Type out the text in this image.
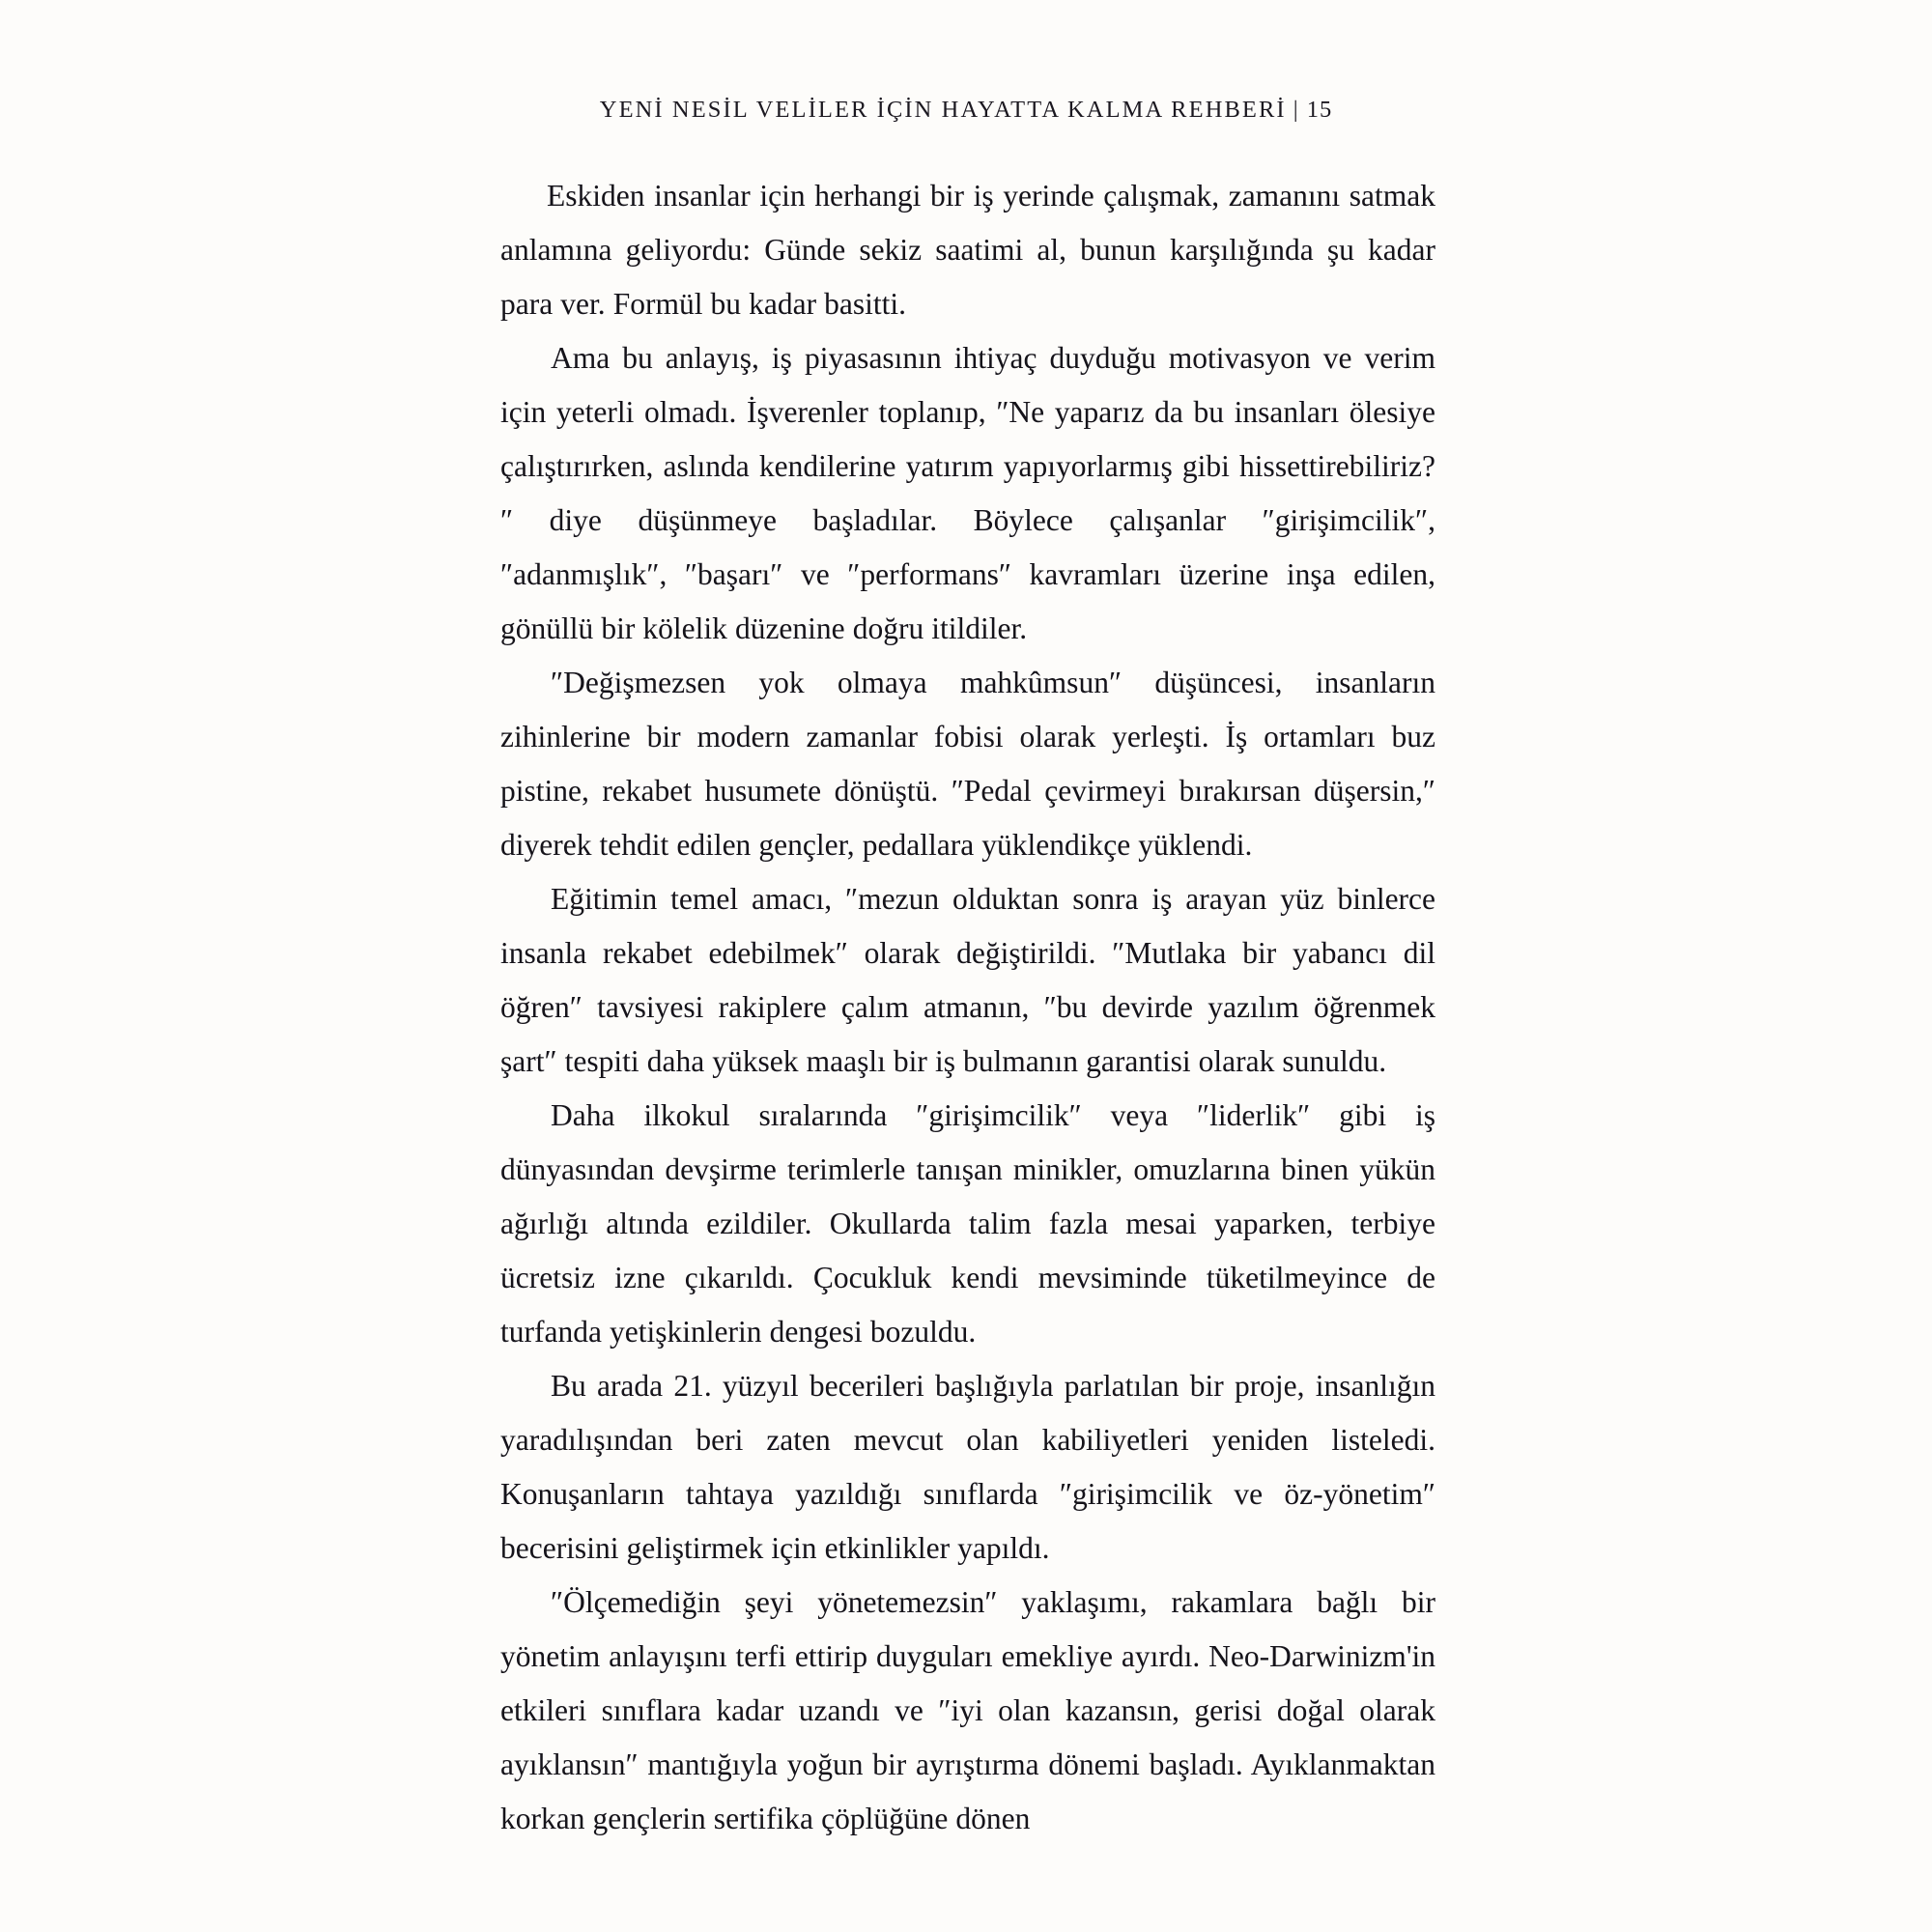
YENİ NESİL VELİLER İÇİN HAYATTA KALMA REHBERİ | 15

Eskiden insanlar için herhangi bir iş yerinde çalışmak, zamanını satmak anlamına geliyordu: Günde sekiz saatimi al, bunun karşılığında şu kadar para ver. Formül bu kadar basitti.

Ama bu anlayış, iş piyasasının ihtiyaç duyduğu motivasyon ve verim için yeterli olmadı. İşverenler toplanıp, ″Ne yaparız da bu insanları ölesiye çalıştırırken, aslında kendilerine yatırım yapıyorlarmış gibi hissettirebiliriz?″ diye düşünmeye başladılar. Böylece çalışanlar ″girişimcilik″, ″adanmışlık″, ″başarı″ ve ″performans″ kavramları üzerine inşa edilen, gönüllü bir kölelik düzenine doğru itildiler.

″Değişmezsen yok olmaya mahkûmsun″ düşüncesi, insanların zihinlerine bir modern zamanlar fobisi olarak yerleşti. İş ortamları buz pistine, rekabet husumete dönüştü. ″Pedal çevirmeyi bırakırsan düşersin,″ diyerek tehdit edilen gençler, pedallara yüklendikçe yüklendi.

Eğitimin temel amacı, ″mezun olduktan sonra iş arayan yüz binlerce insanla rekabet edebilmek″ olarak değiştirildi. ″Mutlaka bir yabancı dil öğren″ tavsiyesi rakiplere çalım atmanın, ″bu devirde yazılım öğrenmek şart″ tespiti daha yüksek maaşlı bir iş bulmanın garantisi olarak sunuldu.

Daha ilkokul sıralarında ″girişimcilik″ veya ″liderlik″ gibi iş dünyasından devşirme terimlerle tanışan minikler, omuzlarına binen yükün ağırlığı altında ezildiler. Okullarda talim fazla mesai yaparken, terbiye ücretsiz izne çıkarıldı. Çocukluk kendi mevsiminde tüketilmeyince de turfanda yetişkinlerin dengesi bozuldu.

Bu arada 21. yüzyıl becerileri başlığıyla parlatılan bir proje, insanlığın yaradılışından beri zaten mevcut olan kabiliyetleri yeniden listeledi. Konuşanların tahtaya yazıldığı sınıflarda ″girişimcilik ve öz-yönetim″ becerisini geliştirmek için etkinlikler yapıldı.

″Ölçemediğin şeyi yönetemezsin″ yaklaşımı, rakamlara bağlı bir yönetim anlayışını terfi ettirip duyguları emekliye ayırdı. Neo-Darwinizm'in etkileri sınıflara kadar uzandı ve ″iyi olan kazansın, gerisi doğal olarak ayıklansın″ mantığıyla yoğun bir ayrıştırma dönemi başladı. Ayıklanmaktan korkan gençlerin sertifika çöplüğüne dönen
